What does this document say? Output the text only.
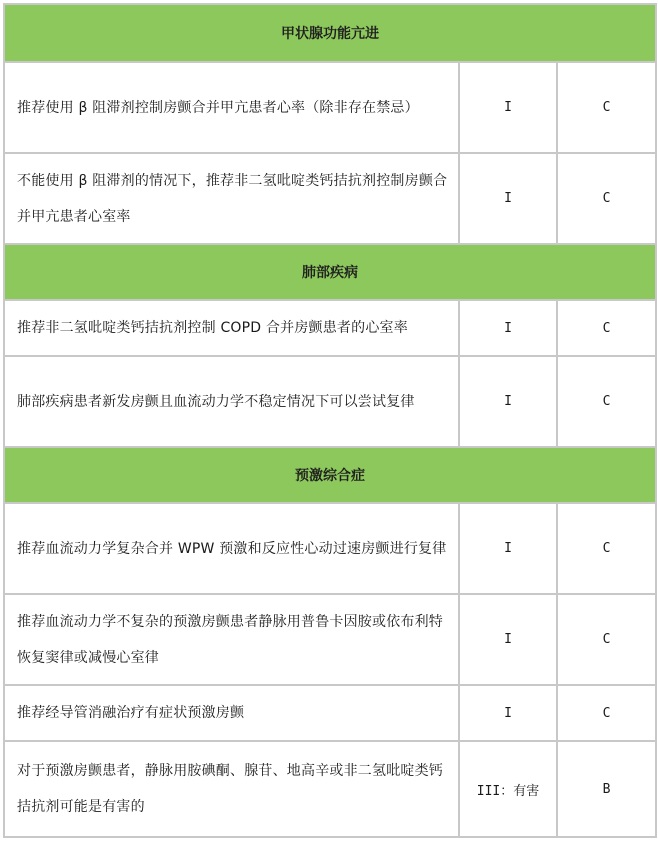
甲状腺功能亢进		
推荐使用 β 阻滞剂控制房颤合并甲亢患者心率（除非存在禁忌）	I	C
不能使用 β 阻滞剂的情况下，推荐非二氢吡啶类钙拮抗剂控制房颤合并甲亢患者心室率	I	C
肺部疾病		
推荐非二氢吡啶类钙拮抗剂控制 COPD 合并房颤患者的心室率	I	C
肺部疾病患者新发房颤且血流动力学不稳定情况下可以尝试复律	I	C
预激综合症		
推荐血流动力学复杂合并 WPW 预激和反应性心动过速房颤进行复律	I	C
推荐血流动力学不复杂的预激房颤患者静脉用普鲁卡因胺或依布利特恢复窦律或减慢心室律	I	C
推荐经导管消融治疗有症状预激房颤	I	C
对于预激房颤患者，静脉用胺碘酮、腺苷、地高辛或非二氢吡啶类钙拮抗剂可能是有害的	III：有害	B
